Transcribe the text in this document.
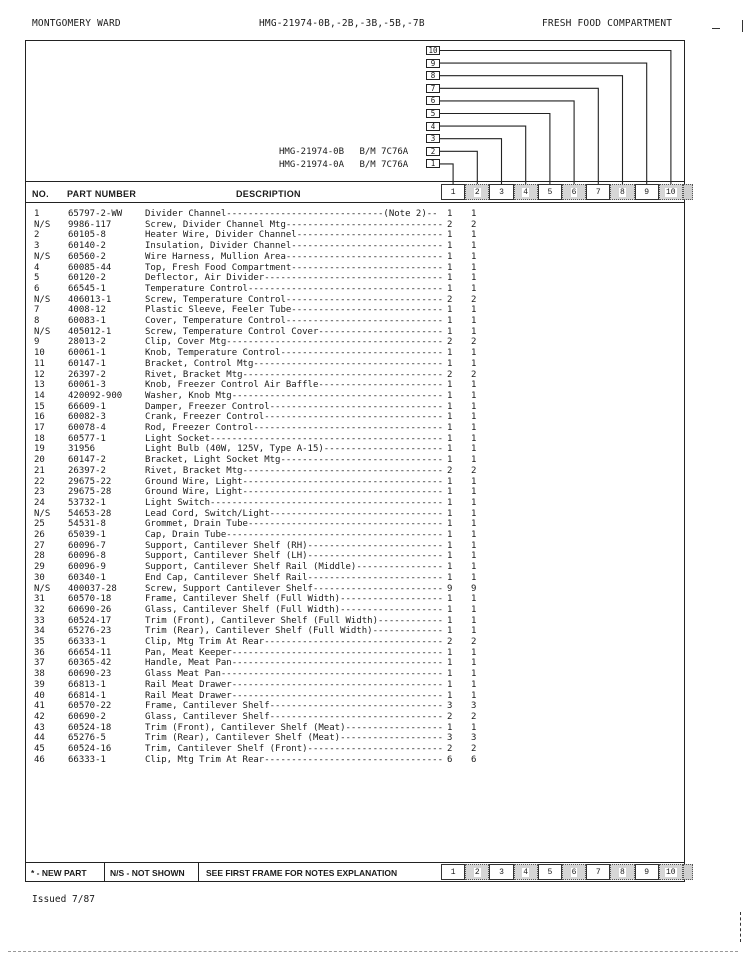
MONTGOMERY WARD	HMG-21974-0B,-2B,-3B,-5B,-7B	FRESH FOOD COMPARTMENT
10
9
8
7
6
5
4
3
2
1
HMG-21974-0B B/M 7C76A
HMG-21974-0A B/M 7C76A
NO. PART NUMBER	DESCRIPTION	1 2 3 4 5 6 7 8 9 10
1	65797-2-WW	Divider Channel-----------------------------(Note 2)-- 1 1
N/S 9986-117	Screw, Divider Channel Mtg----------------------------- 2 2
2	60105-8	Heater Wire, Divider Channel--------------------------- 1 1
3	60140-2	Insulation, Divider Channel---------------------------- 1 1
N/S 60560-2	Wire Harness, Mullion Area----------------------------- 1 1
4	60085-44	Top, Fresh Food Compartment---------------------------- 1 1
5	60120-2	Deflector, Air Divider--------------------------------- 1 1
6	66545-1	Temperature Control------------------------------------ 1 1
N/S 406013-1	Screw, Temperature Control----------------------------- 2 2
7	4008-12	Plastic Sleeve, Feeler Tube---------------------------- 1 1
8	60083-1	Cover, Temperature Control----------------------------- 1 1
N/S 405012-1	Screw, Temperature Control Cover----------------------- 1 1
9	28013-2	Clip, Cover Mtg---------------------------------------- 2 2
10	60061-1	Knob, Temperature Control------------------------------ 1 1
11	60147-1	Bracket, Control Mtg----------------------------------- 1 1
12	26397-2	Rivet, Bracket Mtg------------------------------------- 2 2
13	60061-3	Knob, Freezer Control Air Baffle----------------------- 1 1
14	420092-900	Washer, Knob Mtg--------------------------------------- 1 1
15	66609-1	Damper, Freezer Control-------------------------------- 1 1
16	60082-3	Crank, Freezer Control--------------------------------- 1 1
17	60078-4	Rod, Freezer Control----------------------------------- 1 1
18	60577-1	Light Socket------------------------------------------- 1 1
19	31956	Light Bulb (40W, 125V, Type A-15)---------------------- 1 1
20	60147-2	Bracket, Light Socket Mtg------------------------------ 1 1
21	26397-2	Rivet, Bracket Mtg------------------------------------- 2 2
22	29675-22	Ground Wire, Light------------------------------------- 1 1
23	29675-28	Ground Wire, Light------------------------------------- 1 1
24	53732-1	Light Switch------------------------------------------- 1 1
N/S 54653-28	Lead Cord, Switch/Light-------------------------------- 1 1
25	54531-8	Grommet, Drain Tube------------------------------------ 1 1
26	65039-1	Cap, Drain Tube---------------------------------------- 1 1
27	60096-7	Support, Cantilever Shelf (RH)------------------------- 1 1
28	60096-8	Support, Cantilever Shelf (LH)------------------------- 1 1
29	60096-9	Support, Cantilever Shelf Rail (Middle)---------------- 1 1
30	60340-1	End Cap, Cantilever Shelf Rail------------------------- 1 1
N/S 400037-28	Screw, Support Cantilever Shelf------------------------ 9 9
31	60570-18	Frame, Cantilever Shelf (Full Width)------------------- 1 1
32	60690-26	Glass, Cantilever Shelf (Full Width)------------------- 1 1
33	60524-17	Trim (Front), Cantilever Shelf (Full Width)------------ 1 1
34	65276-23	Trim (Rear), Cantilever Shelf (Full Width)------------- 1 1
35	66333-1	Clip, Mtg Trim At Rear--------------------------------- 2 2
36	66654-11	Pan, Meat Keeper--------------------------------------- 1 1
37	60365-42	Handle, Meat Pan--------------------------------------- 1 1
38	60690-23	Glass Meat Pan----------------------------------------- 1 1
39	66813-1	Rail Meat Drawer--------------------------------------- 1 1
40	66814-1	Rail Meat Drawer--------------------------------------- 1 1
41	60570-22	Frame, Cantilever Shelf-------------------------------- 3 3
42	60690-2	Glass, Cantilever Shelf-------------------------------- 2 2
43	60524-18	Trim (Front), Cantilever Shelf (Meat)------------------ 1 1
44	65276-5	Trim (Rear), Cantilever Shelf (Meat)------------------- 3 3
45	60524-16	Trim, Cantilever Shelf (Front)------------------------- 2 2
46	66333-1	Clip, Mtg Trim At Rear--------------------------------- 6 6
* - NEW PART	N/S - NOT SHOWN	SEE FIRST FRAME FOR NOTES EXPLANATION	1 2 3 4 5 6 7 8 9 10
Issued 7/87
